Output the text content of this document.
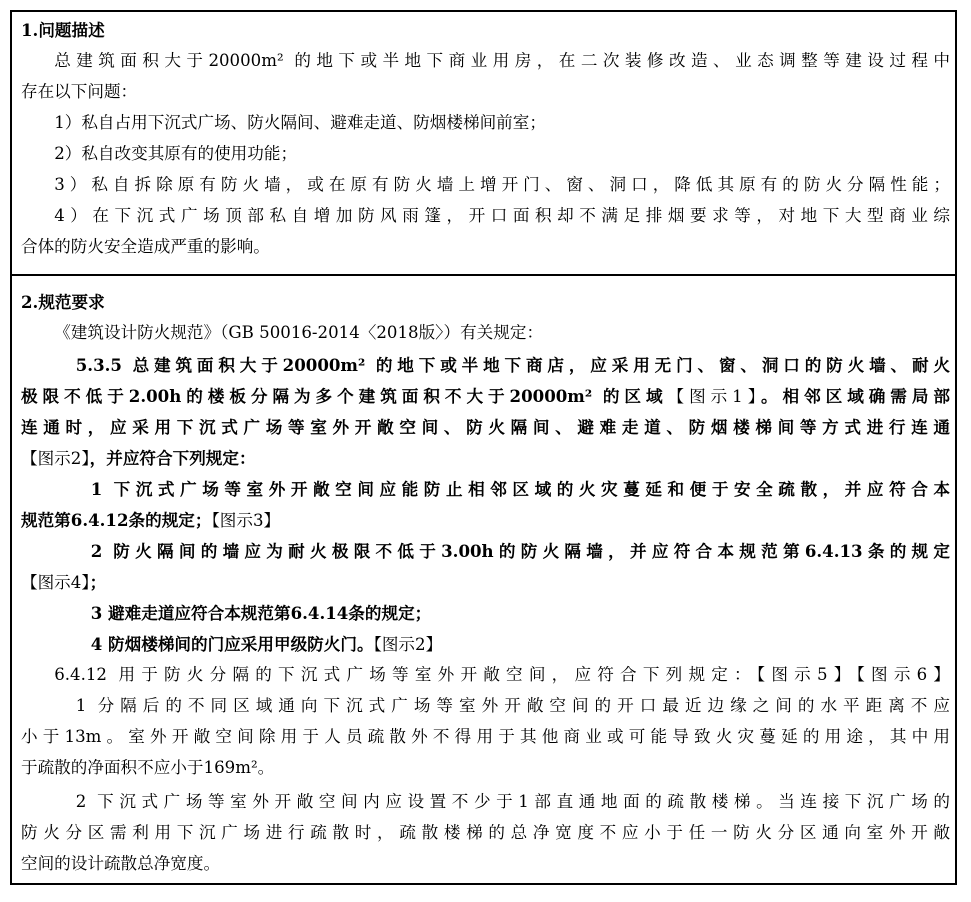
1.问题描述
总建筑面积大于20000m² 的地下或半地下商业用房，在二次装修改造、业态调整等建设过程中
存在以下问题：
1）私自占用下沉式广场、防火隔间、避难走道、防烟楼梯间前室；
2）私自改变其原有的使用功能；
3）私自拆除原有防火墙，或在原有防火墙上增开门、窗、洞口，降低其原有的防火分隔性能；
4）在下沉式广场顶部私自增加防风雨篷，开口面积却不满足排烟要求等，对地下大型商业综
合体的防火安全造成严重的影响。
2.规范要求
《建筑设计防火规范》（GB 50016-2014〈2018版〉）有关规定：
5.3.5 总建筑面积大于20000m² 的地下或半地下商店，应采用无门、窗、洞口的防火墙、耐火
极限不低于2.00h的楼板分隔为多个建筑面积不大于20000m² 的区域【图示1】。相邻区域确需局部
连通时，应采用下沉式广场等室外开敞空间、防火隔间、避难走道、防烟楼梯间等方式进行连通
【图示2】，并应符合下列规定：
1 下沉式广场等室外开敞空间应能防止相邻区域的火灾蔓延和便于安全疏散，并应符合本
规范第6.4.12条的规定；【图示3】
2 防火隔间的墙应为耐火极限不低于3.00h的防火隔墙，并应符合本规范第6.4.13条的规定
【图示4】；
3 避难走道应符合本规范第6.4.14条的规定；
4 防烟楼梯间的门应采用甲级防火门。【图示2】
6.4.12 用于防火分隔的下沉式广场等室外开敞空间，应符合下列规定：【图示5】【图示6】
1 分隔后的不同区域通向下沉式广场等室外开敞空间的开口最近边缘之间的水平距离不应
小于13m。室外开敞空间除用于人员疏散外不得用于其他商业或可能导致火灾蔓延的用途，其中用
于疏散的净面积不应小于169m²。
2 下沉式广场等室外开敞空间内应设置不少于1部直通地面的疏散楼梯。当连接下沉广场的
防火分区需利用下沉广场进行疏散时，疏散楼梯的总净宽度不应小于任一防火分区通向室外开敞
空间的设计疏散总净宽度。
